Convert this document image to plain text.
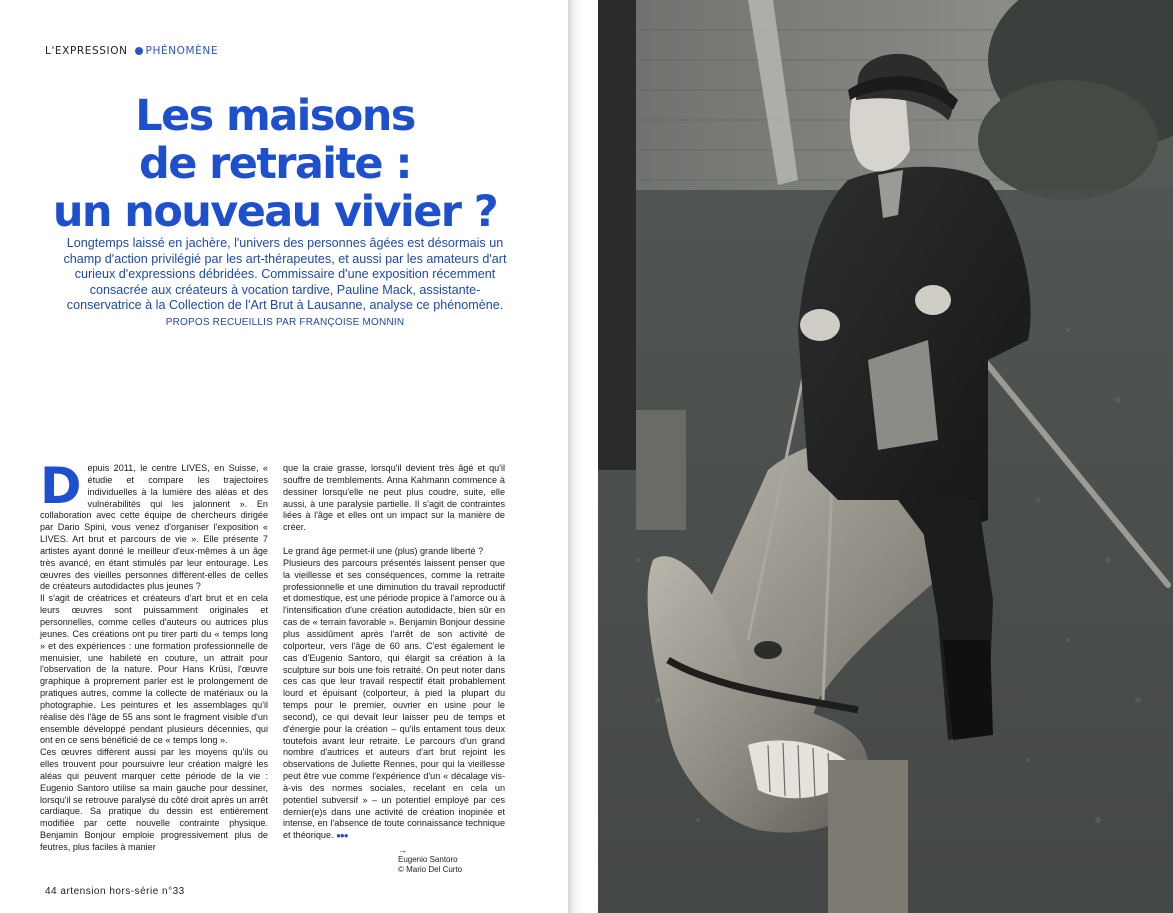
L'EXPRESSION PHÉNOMÈNE
Les maisons
de retraite :
un nouveau vivier ?
Longtemps laissé en jachère, l'univers des personnes âgées est désormais un champ d'action privilégié par les art-thérapeutes, et aussi par les amateurs d'art curieux d'expressions débridées. Commissaire d'une exposition récemment consacrée aux créateurs à vocation tardive, Pauline Mack, assistante-conservatrice à la Collection de l'Art Brut à Lausanne, analyse ce phénomène. PROPOS RECUEILLIS PAR FRANÇOISE MONNIN
D epuis 2011, le centre LIVES, en Suisse, « étudie et compare les trajectoires individuelles à la lumière des aléas et des vulnérabilités qui les jalonnent ». En collaboration avec cette équipe de chercheurs dirigée par Dario Spini, vous venez d'organiser l'exposition « LIVES. Art brut et parcours de vie ». Elle présente 7 artistes ayant donné le meilleur d'eux-mêmes à un âge très avancé, en étant stimulés par leur entourage. Les œuvres des vieilles personnes diffèrent-elles de celles de créateurs autodidactes plus jeunes ?

Il s'agit de créatrices et créateurs d'art brut et en cela leurs œuvres sont puissamment originales et personnelles, comme celles d'auteurs ou autrices plus jeunes. Ces créations ont pu tirer parti du « temps long » et des expériences : une formation professionnelle de menuisier, une habileté en couture, un attrait pour l'observation de la nature. Pour Hans Krüsi, l'œuvre graphique à proprement parler est le prolongement de pratiques autres, comme la collecte de matériaux ou la photographie. Les peintures et les assemblages qu'il réalise dès l'âge de 55 ans sont le fragment visible d'un ensemble développé pendant plusieurs décennies, qui ont en ce sens bénéficié de ce « temps long ».

Ces œuvres diffèrent aussi par les moyens qu'ils ou elles trouvent pour poursuivre leur création malgré les aléas qui peuvent marquer cette période de la vie : Eugenio Santoro utilise sa main gauche pour dessiner, lorsqu'il se retrouve paralysé du côté droit après un arrêt cardiaque. Sa pratique du dessin est entièrement modifiée par cette nouvelle contrainte physique. Benjamin Bonjour emploie progressivement plus de feutres, plus faciles à manier

que la craie grasse, lorsqu'il devient très âgé et qu'il souffre de tremblements. Anna Kahmann commence à dessiner lorsqu'elle ne peut plus coudre, suite, elle aussi, à une paralysie partielle. Il s'agit de contraintes liées à l'âge et elles ont un impact sur la manière de créer.

Le grand âge permet-il une (plus) grande liberté ?

Plusieurs des parcours présentés laissent penser que la vieillesse et ses conséquences, comme la retraite professionnelle et une diminution du travail reproductif et domestique, est une période propice à l'amorce ou à l'intensification d'une création autodidacte, bien sûr en cas de « terrain favorable ». Benjamin Bonjour dessine plus assidûment après l'arrêt de son activité de colporteur, vers l'âge de 60 ans. C'est également le cas d'Eugenio Santoro, qui élargit sa création à la sculpture sur bois une fois retraité. On peut noter dans ces cas que leur travail respectif était probablement lourd et épuisant (colporteur, à pied la plupart du temps pour le premier, ouvrier en usine pour le second), ce qui devait leur laisser peu de temps et d'énergie pour la création – qu'ils entament tous deux toutefois avant leur retraite. Le parcours d'un grand nombre d'autrices et auteurs d'art brut rejoint les observations de Juliette Rennes, pour qui la vieillesse peut être vue comme l'expérience d'un « décalage vis-à-vis des normes sociales, recelant en cela un potentiel subversif » – un potentiel employé par ces dernier(e)s dans une activité de création inopinée et intense, en l'absence de toute connaissance technique et théorique. ●●●

→
Eugenio Santoro
© Mario Del Curto
44 artension hors-série n°33
